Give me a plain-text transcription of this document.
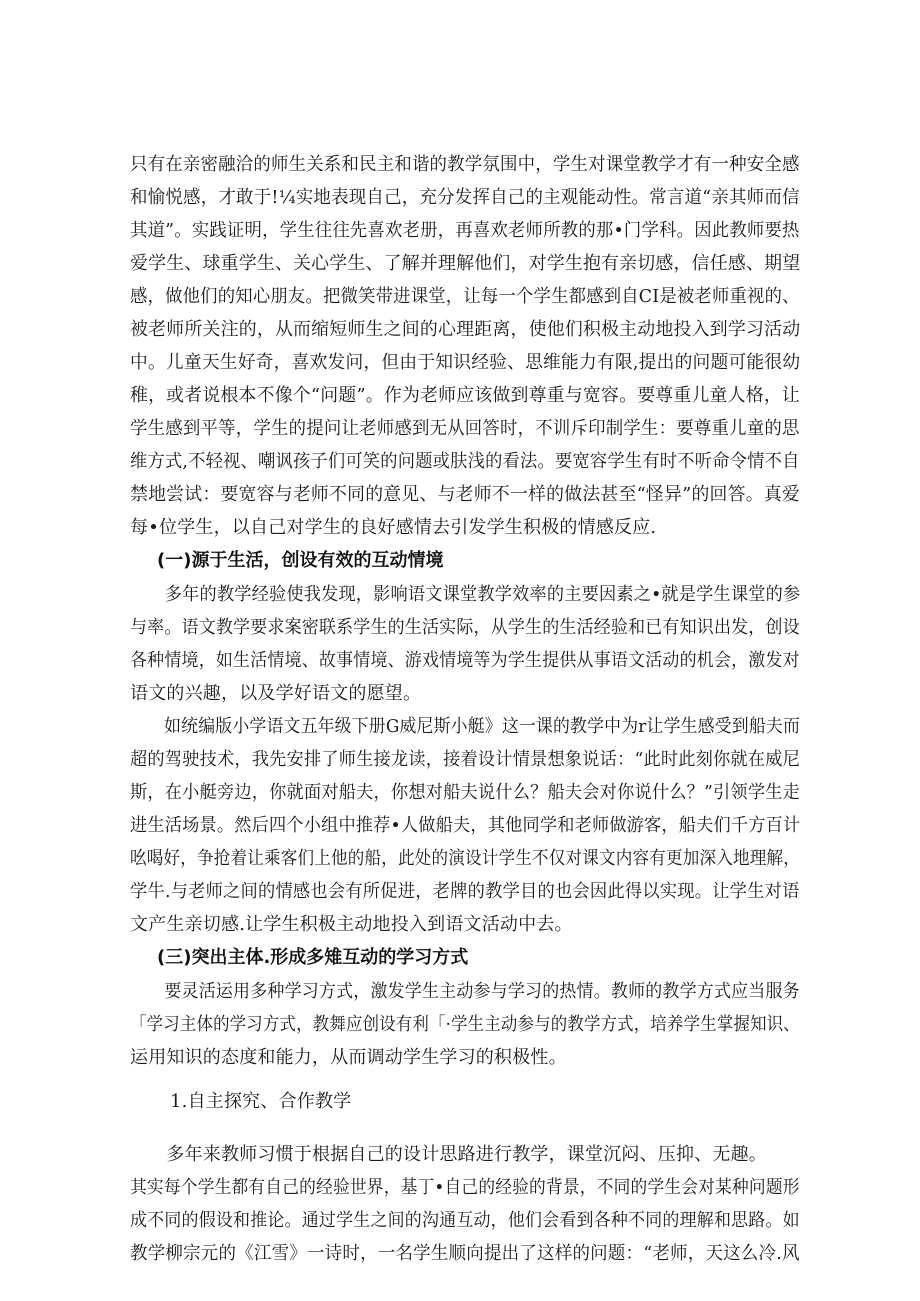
只有在亲密融洽的师生关系和民主和谐的教学氛围中，学生对课堂教学才有一种安全感
和愉悦感，才敢于!¼实地表现自己，充分发挥自己的主观能动性。常言道“亲其师而信
其道”。实践证明，学生往往先喜欢老册，再喜欢老师所教的那•门学科。因此教师要热
爱学生、球重学生、关心学生、了解并理解他们，对学生抱有亲切感，信任感、期望
感，做他们的知心朋友。把微笑带进课堂，让每一个学生都感到自CI是被老师重视的、
被老师所关注的，从而缩短师生之间的心理距离，使他们积极主动地投入到学习活动
中。儿童天生好奇，喜欢发问，但由于知识经验、思维能力有限,提出的问题可能很幼
稚，或者说根本不像个“问题”。作为老师应该做到尊重与宽容。要尊重儿童人格，让
学生感到平等，学生的提问让老师感到无从回答时，不训斥印制学生：要尊重儿童的思
维方式,不轻视、嘲讽孩子们可笑的问题或肤浅的看法。要宽容学生有时不听命令情不自
禁地尝试：要宽容与老师不同的意见、与老师不一样的做法甚至“怪异”的回答。真爱
每•位学生，以自己对学生的良好感情去引发学生积极的情感反应.
(一)源于生活，创设有效的互动情境
　　多年的教学经验使我发现，影响语文课堂教学效率的主要因素之•就是学生课堂的参
与率。语文教学要求案密联系学生的生活实际，从学生的生活经验和已有知识出发，创设
各种情境，如生活情境、故事情境、游戏情境等为学生提供从事语文活动的机会，激发对
语文的兴趣，以及学好语文的愿望。
　　如统编版小学语文五年级下册G威尼斯小艇》这一课的教学中为r让学生感受到船夫而
超的驾驶技术，我先安排了师生接龙读，接着设计情景想象说话：“此时此刻你就在威尼
斯，在小艇旁边，你就面对船夫，你想对船夫说什么？船夫会对你说什么？”引领学生走
进生活场景。然后四个小组中推荐•人做船夫，其他同学和老师做游客，船夫们千方百计
吆喝好，争抢着让乘客们上他的船，此处的演设计学生不仅对课文内容有更加深入地理解，
学牛.与老师之间的情感也会有所促进，老牌的教学目的也会因此得以实现。让学生对语
文产生亲切感.让学生积极主动地投入到语文活动中去。
(三)突出主体.形成多雉互动的学习方式
　　要灵活运用多种学习方式，激发学生主动参与学习的热情。教师的教学方式应当服务
「学习主体的学习方式，教舞应创设有利「·学生主动参与的教学方式，培养学生掌握知识、
运用知识的态度和能力，从而调动学生学习的积极性。
1.自主探究、合作教学
　　多年来教师习惯于根据自己的设计思路进行教学，课堂沉闷、压抑、无趣。
其实每个学生都有自己的经验世界，基丁•自己的经验的背景，不同的学生会对某种问题形
成不同的假设和推论。通过学生之间的沟通互动，他们会看到各种不同的理解和思路。如
教学柳宗元的《江雪》一诗时，一名学生顺向提出了这样的问题：“老师，天这么冷.风
